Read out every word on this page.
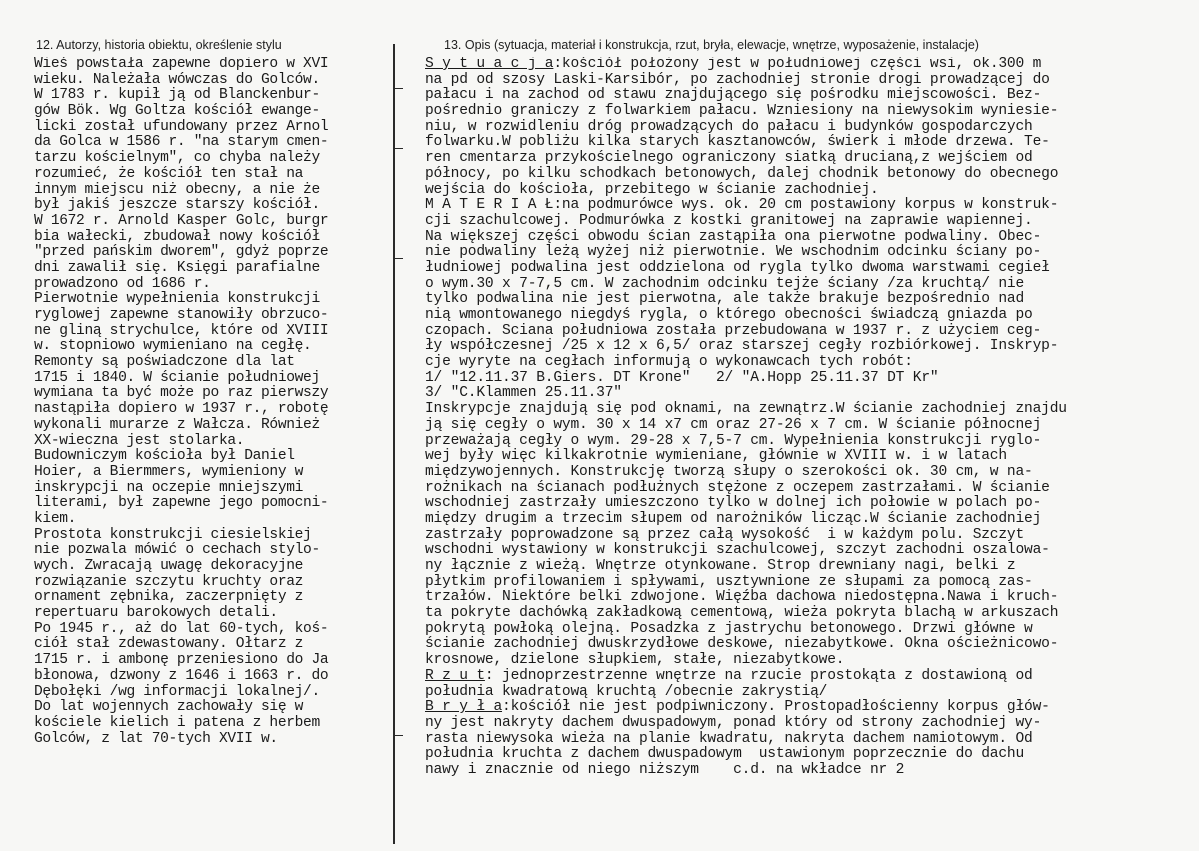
12. Autorzy, historia obiektu, określenie stylu	13. Opis (sytuacja, materiał i konstrukcja, rzut, bryła, elewacje, wnętrze, wyposażenie, instalacje)
Wieś powstała zapewne dopiero w XVI
wieku. Należała wówczas do Golców.
W 1783 r. kupił ją od Blanckenbur-
gów Bök. Wg Goltza kościół ewange-
licki został ufundowany przez Arnol
da Golca w 1586 r. "na starym cmen-
tarzu kościelnym", co chyba należy
rozumieć, że kościół ten stał na
innym miejscu niż obecny, a nie że
był jakiś jeszcze starszy kościół.
W 1672 r. Arnold Kasper Golc, burgr
bia wałecki, zbudował nowy kościół
"przed pańskim dworem", gdyż poprze
dni zawalił się. Księgi parafialne
prowadzono od 1686 r.
Pierwotnie wypełnienia konstrukcji
ryglowej zapewne stanowiły obrzuco-
ne gliną strychulce, które od XVIII
w. stopniowo wymieniano na cegłę.
Remonty są poświadczone dla lat
1715 i 1840. W ścianie południowej
wymiana ta być może po raz pierwszy
nastąpiła dopiero w 1937 r., robotę
wykonali murarze z Wałcza. Również
XX-wieczna jest stolarka.
Budowniczym kościoła był Daniel
Hoier, a Biermmers, wymieniony w
inskrypcji na oczepie mniejszymi
literami, był zapewne jego pomocni-
kiem.
Prostota konstrukcji ciesielskiej
nie pozwala mówić o cechach stylo-
wych. Zwracają uwagę dekoracyjne
rozwiązanie szczytu kruchty oraz
ornament zębnika, zaczerpnięty z
repertuaru barokowych detali.
Po 1945 r., aż do lat 60-tych, koś-
ciół stał zdewastowany. Ołtarz z
1715 r. i ambonę przeniesiono do Ja
błonowa, dzwony z 1646 i 1663 r. do
Dębołęki /wg informacji lokalnej/.
Do lat wojennych zachowały się w
kościele kielich i patena z herbem
Golców, z lat 70-tych XVII w.
S y t u a c j a:kościół położony jest w południowej części wsi, ok.300 m
na pd od szosy Laski-Karsibór, po zachodniej stronie drogi prowadzącej do
pałacu i na zachod od stawu znajdującego się pośrodku miejscowości. Bez-
pośrednio graniczy z folwarkiem pałacu. Wzniesiony na niewysokim wyniesie-
niu, w rozwidleniu dróg prowadzących do pałacu i budynków gospodarczych
folwarku.W pobliżu kilka starych kasztanowców, świerk i młode drzewa. Te-
ren cmentarza przykościelnego ograniczony siatką drucianą,z wejściem od
północy, po kilku schodkach betonowych, dalej chodnik betonowy do obecnego
wejścia do kościoła, przebitego w ścianie zachodniej.
M A T E R I A Ł:na podmurówce wys. ok. 20 cm postawiony korpus w konstruk-
cji szachulcowej. Podmurówka z kostki granitowej na zaprawie wapiennej.
Na większej części obwodu ścian zastąpiła ona pierwotne podwaliny. Obec-
nie podwaliny leżą wyżej niż pierwotnie. We wschodnim odcinku ściany po-
łudniowej podwalina jest oddzielona od rygla tylko dwoma warstwami cegieł
o wym.30 x 7-7,5 cm. W zachodnim odcinku tejże ściany /za kruchtą/ nie
tylko podwalina nie jest pierwotna, ale także brakuje bezpośrednio nad
nią wmontowanego niegdyś rygla, o którego obecności świadczą gniazda po
czopach. Sciana południowa została przebudowana w 1937 r. z użyciem ceg-
ły współczesnej /25 x 12 x 6,5/ oraz starszej cegły rozbiórkowej. Inskryp-
cje wyryte na cegłach informują o wykonawcach tych robót:
1/ "12.11.37 B.Giers. DT Krone"   2/ "A.Hopp 25.11.37 DT Kr"
3/ "C.Klammen 25.11.37"
Inskrypcje znajdują się pod oknami, na zewnątrz.W ścianie zachodniej znajdu
ją się cegły o wym. 30 x 14 x7 cm oraz 27-26 x 7 cm. W ścianie północnej
przeważają cegły o wym. 29-28 x 7,5-7 cm. Wypełnienia konstrukcji ryglo-
wej były więc kilkakrotnie wymieniane, głównie w XVIII w. i w latach
międzywojennych. Konstrukcję tworzą słupy o szerokości ok. 30 cm, w na-
rożnikach na ścianach podłużnych stężone z oczepem zastrzałami. W ścianie
wschodniej zastrzały umieszczono tylko w dolnej ich połowie w polach po-
między drugim a trzecim słupem od narożników licząc.W ścianie zachodniej
zastrzały poprowadzone są przez całą wysokość  i w każdym polu. Szczyt
wschodni wystawiony w konstrukcji szachulcowej, szczyt zachodni oszalowa-
ny łącznie z wieżą. Wnętrze otynkowane. Strop drewniany nagi, belki z
płytkim profilowaniem i spływami, usztywnione ze słupami za pomocą zas-
trzałów. Niektóre belki zdwojone. Więźba dachowa niedostępna.Nawa i kruch-
ta pokryte dachówką zakładkową cementową, wieża pokryta blachą w arkuszach
pokrytą powłoką olejną. Posadzka z jastrychu betonowego. Drzwi główne w
ścianie zachodniej dwuskrzydłowe deskowe, niezabytkowe. Okna ościeżnicowo-
krosnowe, dzielone słupkiem, stałe, niezabytkowe.
R z u t: jednoprzestrzenne wnętrze na rzucie prostokąta z dostawioną od
południa kwadratową kruchtą /obecnie zakrystią/
B r y ł a:kościół nie jest podpiwniczony. Prostopadłościenny korpus głów-
ny jest nakryty dachem dwuspadowym, ponad który od strony zachodniej wy-
rasta niewysoka wieża na planie kwadratu, nakryta dachem namiotowym. Od
południa kruchta z dachem dwuspadowym  ustawionym poprzecznie do dachu
nawy i znacznie od niego niższym    c.d. na wkładce nr 2
